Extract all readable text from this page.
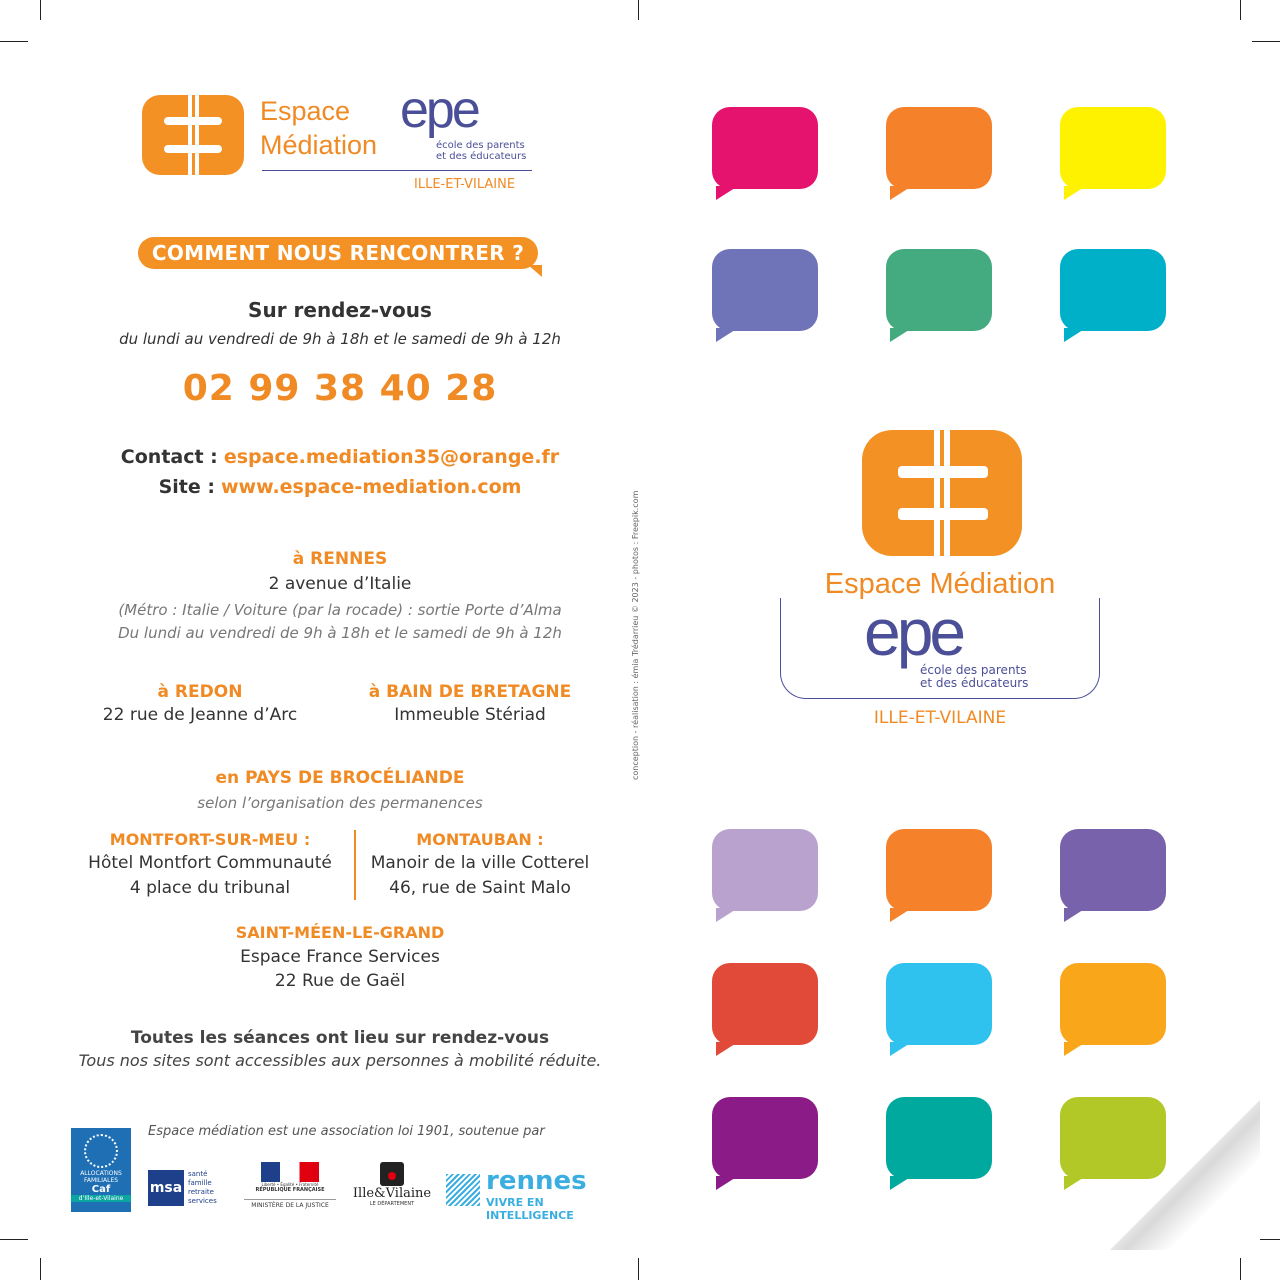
Espace
Médiation
epe
école des parents
et des éducateurs
ILLE-ET-VILAINE
COMMENT NOUS RENCONTRER ?
Sur rendez-vous
du lundi au vendredi de 9h à 18h et le samedi de 9h à 12h
02 99 38 40 28
Contact : espace.mediation35@orange.fr
Site : www.espace-mediation.com
à RENNES
2 avenue d’Italie
(Métro : Italie / Voiture (par la rocade) : sortie Porte d’Alma
Du lundi au vendredi de 9h à 18h et le samedi de 9h à 12h
à REDON
22 rue de Jeanne d’Arc
à BAIN DE BRETAGNE
Immeuble Stériad
en PAYS DE BROCÉLIANDE
selon l’organisation des permanences
MONTFORT-SUR-MEU :
Hôtel Montfort Communauté
4 place du tribunal
MONTAUBAN :
Manoir de la ville Cotterel
46, rue de Saint Malo
SAINT-MÉEN-LE-GRAND
Espace France Services
22 Rue de Gaël
Toutes les séances ont lieu sur rendez-vous
Tous nos sites sont accessibles aux personnes à mobilité réduite.
Espace médiation est une association loi 1901, soutenue par
ALLOCATIONS
FAMILIALES
Caf
d’Ille-et-Vilaine
msa
santé
famille
retraite
services
Liberté • Égalité • Fraternité
RÉPUBLIQUE FRANÇAISE
MINISTÈRE DE LA JUSTICE
Ille&Vilaine
LE DÉPARTEMENT
rennes
VIVRE EN INTELLIGENCE
conception - réalisation : émia Trédarrieu © 2023 - photos : Freepik.com	Espace Médiation
epe
école des parents
et des éducateurs
ILLE-ET-VILAINE
